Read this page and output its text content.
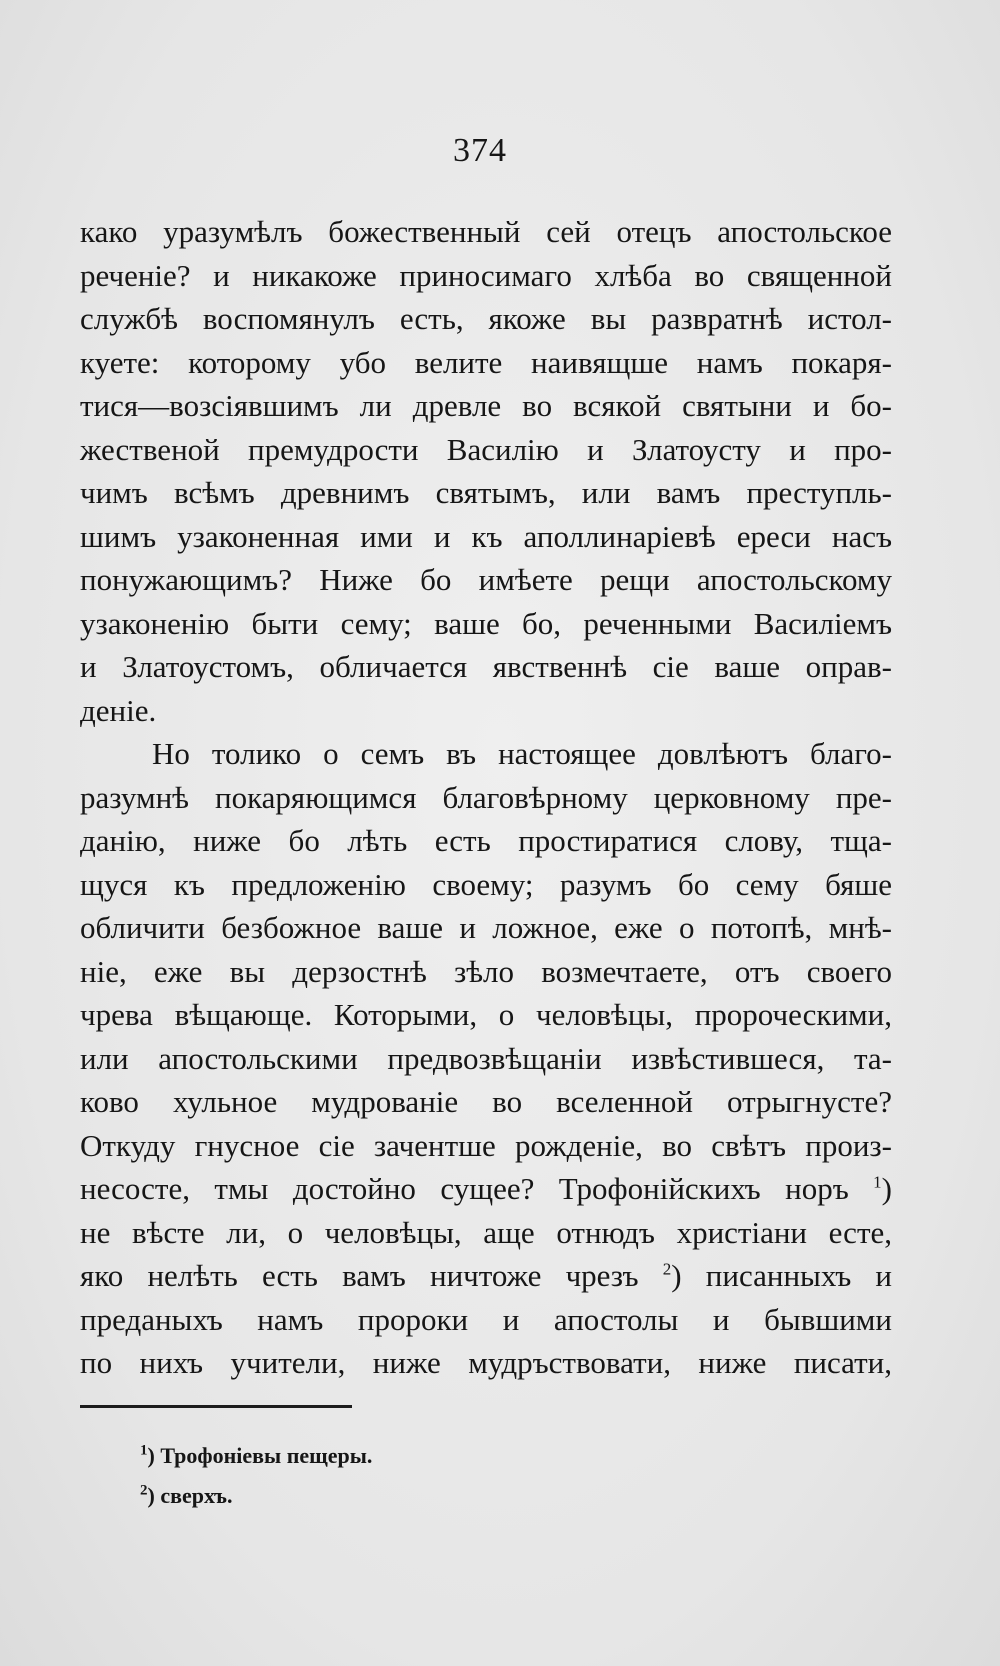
374
како уразумѣлъ божественный сей отецъ апостольское
реченіе? и никакоже приносимаго хлѣба во священной
службѣ воспомянулъ есть, якоже вы развратнѣ истол-
куете: которому убо велите наивящше намъ покаря-
тися—возсіявшимъ ли древле во всякой святыни и бо-
жественой премудрости Василію и Златоусту и про-
чимъ всѣмъ древнимъ святымъ, или вамъ преступль-
шимъ узаконенная ими и къ аполлинаріевѣ ереси насъ
понужающимъ? Ниже бо имѣете рещи апостольскому
узаконенію быти сему; ваше бо, реченными Василіемъ
и Златоустомъ, обличается явственнѣ сіе ваше оправ-
деніе.
Но толико о семъ въ настоящее довлѣютъ благо-
разумнѣ покаряющимся благовѣрному церковному пре-
данію, ниже бо лѣть есть простиратися слову, тща-
щуся къ предложенію своему; разумъ бо сему бяше
обличити безбожное ваше и ложное, еже о потопѣ, мнѣ-
ніе, еже вы дерзостнѣ зѣло возмечтаете, отъ своего
чрева вѣщающе. Которыми, о человѣцы, пророческими,
или апостольскими предвозвѣщаніи извѣстившеся, та-
ково хульное мудрованіе во вселенной отрыгнусте?
Откуду гнусное сіе зачентше рожденіе, во свѣтъ произ-
несосте, тмы достойно сущее? Трофонійскихъ норъ $^1$)
не вѣсте ли, о человѣцы, аще отнюдъ христіани есте,
яко нелѣть есть вамъ ничтоже чрезъ $^2$) писанныхъ и
преданыхъ намъ пророки и апостолы и бывшими
по нихъ учители, ниже мудръствовати, ниже писати,
$^1$) Трофоніевы пещеры.
$^2$) сверхъ.
